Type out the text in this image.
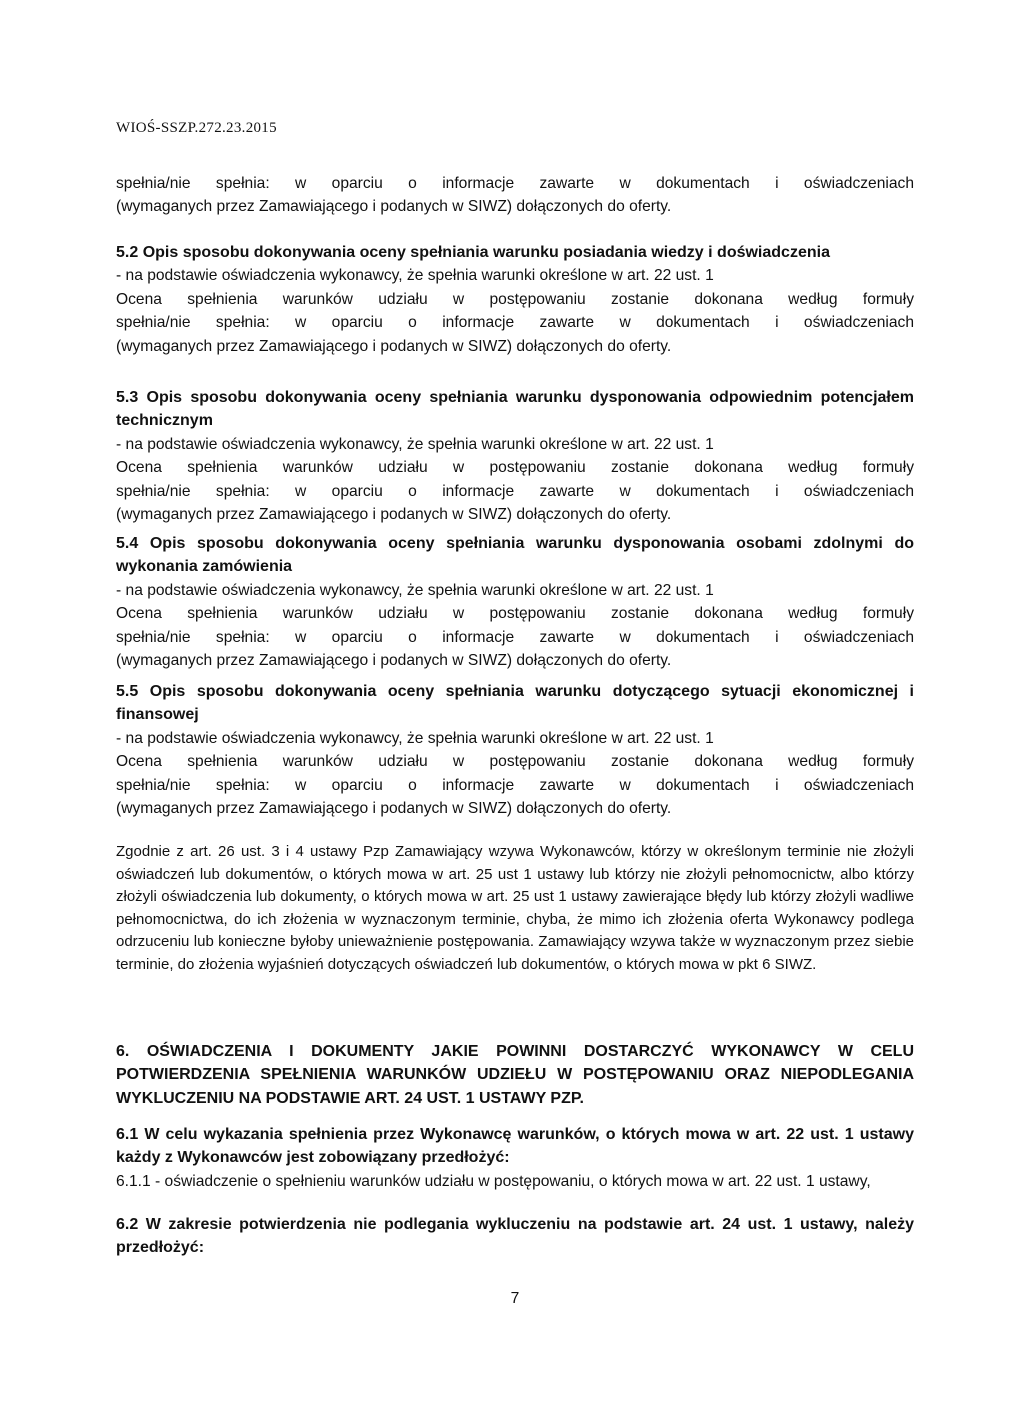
WIOŚ-SSZP.272.23.2015
spełnia/nie spełnia: w oparciu o informacje zawarte w dokumentach i oświadczeniach
(wymaganych przez Zamawiającego i podanych w SIWZ) dołączonych do oferty.

5.2 Opis sposobu dokonywania oceny spełniania warunku posiadania wiedzy i doświadczenia

- na podstawie oświadczenia wykonawcy, że spełnia warunki określone w art. 22 ust. 1
Ocena spełnienia warunków udziału w postępowaniu zostanie dokonana według formuły
spełnia/nie spełnia: w oparciu o informacje zawarte w dokumentach i oświadczeniach
(wymaganych przez Zamawiającego i podanych w SIWZ) dołączonych do oferty.

5.3 Opis sposobu dokonywania oceny spełniania warunku dysponowania odpowiednim potencjałem technicznym

- na podstawie oświadczenia wykonawcy, że spełnia warunki określone w art. 22 ust. 1
Ocena spełnienia warunków udziału w postępowaniu zostanie dokonana według formuły
spełnia/nie spełnia: w oparciu o informacje zawarte w dokumentach i oświadczeniach
(wymaganych przez Zamawiającego i podanych w SIWZ) dołączonych do oferty.

5.4 Opis sposobu dokonywania oceny spełniania warunku dysponowania osobami zdolnymi do wykonania zamówienia

- na podstawie oświadczenia wykonawcy, że spełnia warunki określone w art. 22 ust. 1
Ocena spełnienia warunków udziału w postępowaniu zostanie dokonana według formuły
spełnia/nie spełnia: w oparciu o informacje zawarte w dokumentach i oświadczeniach
(wymaganych przez Zamawiającego i podanych w SIWZ) dołączonych do oferty.

5.5 Opis sposobu dokonywania oceny spełniania warunku dotyczącego sytuacji ekonomicznej i finansowej

- na podstawie oświadczenia wykonawcy, że spełnia warunki określone w art. 22 ust. 1
Ocena spełnienia warunków udziału w postępowaniu zostanie dokonana według formuły
spełnia/nie spełnia: w oparciu o informacje zawarte w dokumentach i oświadczeniach
(wymaganych przez Zamawiającego i podanych w SIWZ) dołączonych do oferty.

Zgodnie z art. 26 ust. 3 i 4 ustawy Pzp Zamawiający wzywa Wykonawców, którzy w określonym terminie nie złożyli oświadczeń lub dokumentów, o których mowa w art. 25 ust 1 ustawy lub którzy nie złożyli pełnomocnictw, albo którzy złożyli oświadczenia lub dokumenty, o których mowa w art. 25 ust 1 ustawy zawierające błędy lub którzy złożyli wadliwe pełnomocnictwa, do ich złożenia w wyznaczonym terminie, chyba, że mimo ich złożenia oferta Wykonawcy podlega odrzuceniu lub konieczne byłoby unieważnienie postępowania. Zamawiający wzywa także w wyznaczonym przez siebie terminie, do złożenia wyjaśnień dotyczących oświadczeń lub dokumentów, o których mowa w pkt 6 SIWZ.

6. OŚWIADCZENIA I DOKUMENTY JAKIE POWINNI DOSTARCZYĆ WYKONAWCY W CELU POTWIERDZENIA SPEŁNIENIA WARUNKÓW UDZIEŁU W POSTĘPOWANIU ORAZ NIEPODLEGANIA WYKLUCZENIU NA PODSTAWIE ART. 24 UST. 1 USTAWY PZP.

6.1 W celu wykazania spełnienia przez Wykonawcę warunków, o których mowa w art. 22 ust. 1 ustawy każdy z Wykonawców jest zobowiązany przedłożyć:

6.1.1 - oświadczenie o spełnieniu warunków udziału w postępowaniu, o których mowa w art. 22 ust. 1 ustawy,

6.2 W zakresie potwierdzenia nie podlegania wykluczeniu na podstawie art. 24 ust. 1 ustawy, należy przedłożyć:

7
